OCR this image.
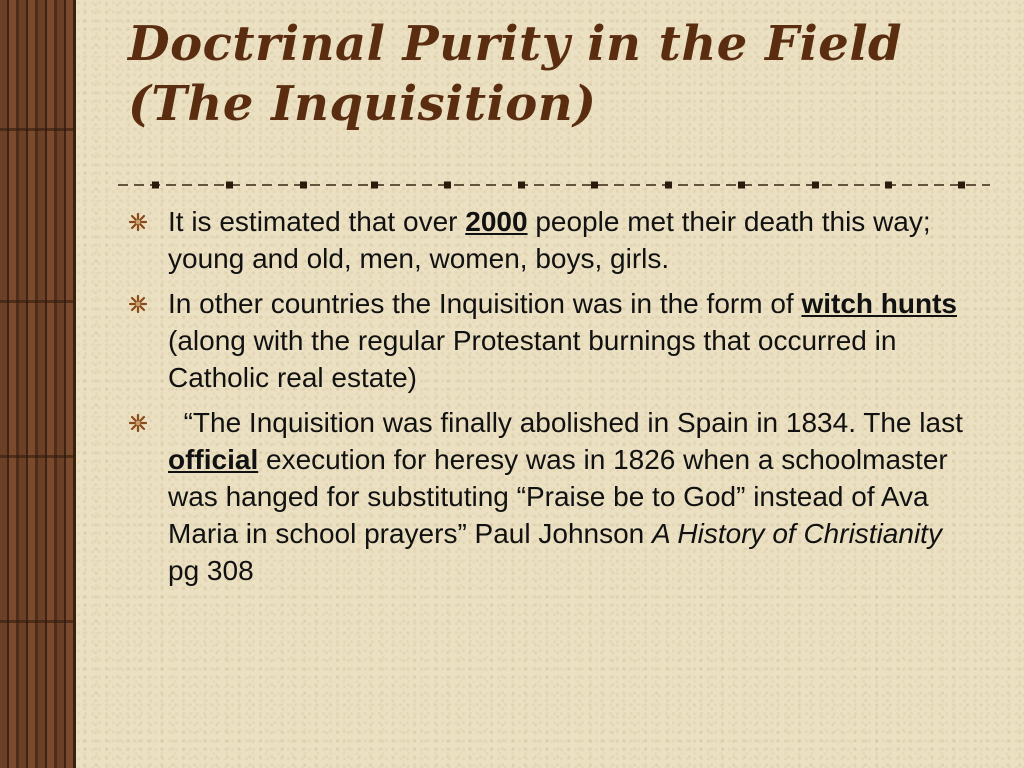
Doctrinal Purity in the Field
(The Inquisition)
It is estimated that over 2000 people met their death this way; young and old, men, women, boys, girls.
In other countries the Inquisition was in the form of witch hunts (along with the regular Protestant burnings that occurred in Catholic real estate)
“The Inquisition was finally abolished in Spain in 1834. The last official execution for heresy was in 1826 when a schoolmaster was hanged for substituting “Praise be to God” instead of Ava Maria in school prayers” Paul Johnson A History of Christianity pg 308
